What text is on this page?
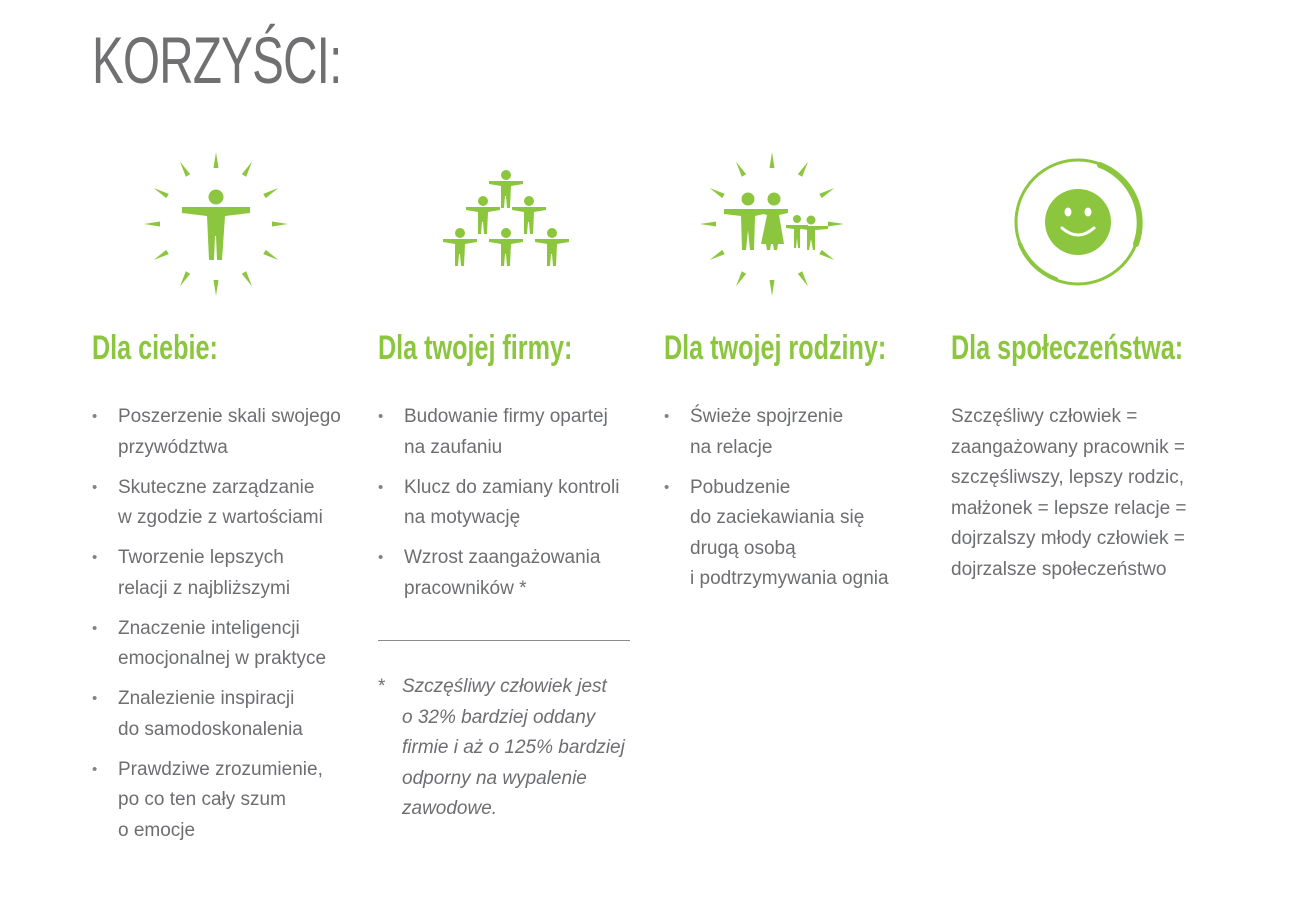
KORZYŚCI:
Dla ciebie:
• Poszerzenie skali swojego
przywództwa
• Skuteczne zarządzanie
w zgodzie z wartościami
• Tworzenie lepszych
relacji z najbliższymi
• Znaczenie inteligencji
emocjonalnej w praktyce
• Znalezienie inspiracji
do samodoskonalenia
• Prawdziwe zrozumienie,
po co ten cały szum
o emocje
Dla twojej firmy:
• Budowanie firmy opartej
na zaufaniu
• Klucz do zamiany kontroli
na motywację
• Wzrost zaangażowania
pracowników *
* Szczęśliwy człowiek jest
o 32% bardziej oddany
firmie i aż o 125% bardziej
odporny na wypalenie
zawodowe.
Dla twojej rodziny:
• Świeże spojrzenie
na relacje
• Pobudzenie
do zaciekawiania się
drugą osobą
i podtrzymywania ognia
Dla społeczeństwa:
Szczęśliwy człowiek =
zaangażowany pracownik =
szczęśliwszy, lepszy rodzic,
małżonek = lepsze relacje =
dojrzalszy młody człowiek =
dojrzalsze społeczeństwo
